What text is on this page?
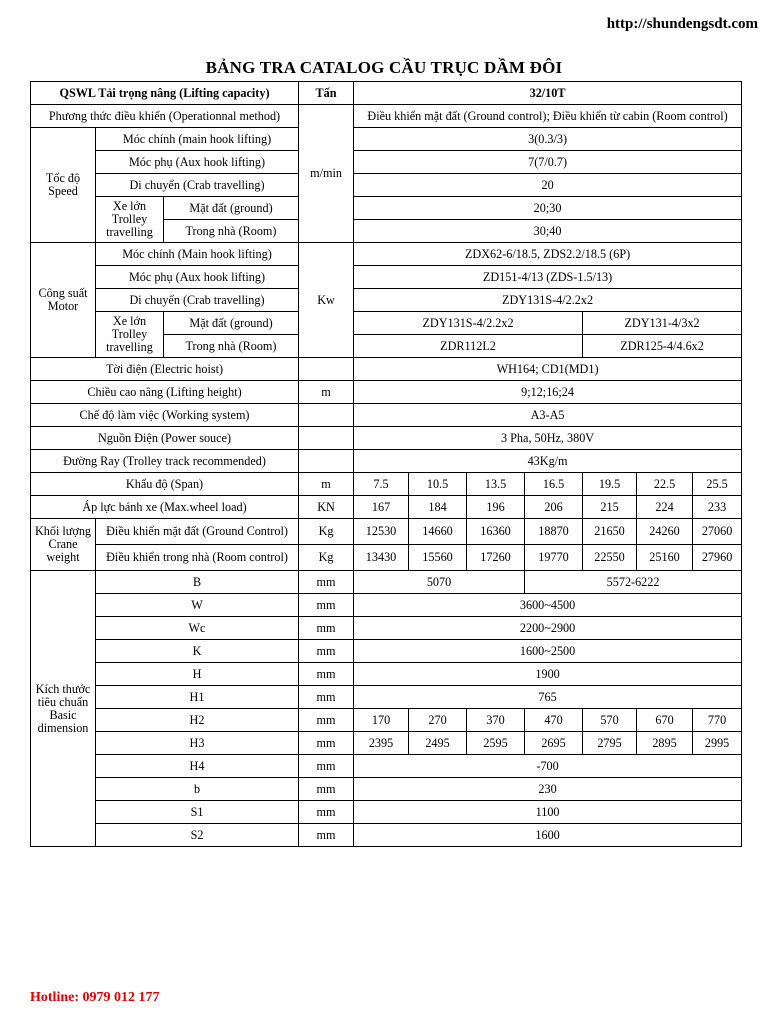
http://shundengsdt.com
BẢNG TRA CATALOG CẦU TRỤC DẦM ĐÔI
QSWL Tải trọng nâng (Lifting capacity)			Tấn	32/10T						
Phương thức điều khiển (Operationnal method)			m/min	Điều khiển mặt đất (Ground control); Điều khiển từ cabin (Room control)						
Tốc độ Speed	Móc chính (main hook lifting)			3(0.3/3)						
	Móc phụ (Aux hook lifting)			7(7/0.7)						
	Di chuyển (Crab travelling)			20						
	Xe lớn Trolley travelling	Mặt đất (ground)		20;30						
		Trong nhà (Room)		30;40						
Công suất Motor	Móc chính (Main hook lifting)		Kw	ZDX62-6/18.5, ZDS2.2/18.5 (6P)						
	Móc phụ (Aux hook lifting)			ZD151-4/13 (ZDS-1.5/13)						
	Di chuyển (Crab travelling)			ZDY131S-4/2.2x2						
	Xe lớn Trolley travelling	Mặt đất (ground)		ZDY131S-4/2.2x2				ZDY131-4/3x2		
		Trong nhà (Room)		ZDR112L2				ZDR125-4/4.6x2		
Tời điện (Electric hoist)				WH164; CD1(MD1)						
Chiều cao nâng (Lifting height)			m	9;12;16;24						
Chế độ làm việc (Working system)				A3-A5						
Nguồn Điện (Power souce)				3 Pha, 50Hz, 380V						
Đường Ray (Trolley track recommended)				43Kg/m						
Khẩu độ (Span)			m	7.5	10.5	13.5	16.5	19.5	22.5	25.5
Áp lực bánh xe (Max.wheel load)			KN	167	184	196	206	215	224	233
Khối lượng Crane weight	Điều khiển mặt đất (Ground Control)		Kg	12530	14660	16360	18870	21650	24260	27060
	Điều khiển trong nhà (Room control)		Kg	13430	15560	17260	19770	22550	25160	27960
Kích thước tiêu chuẩn Basic dimension	B		mm	5070			5572-6222			
	W		mm	3600~4500						
	Wc		mm	2200~2900						
	K		mm	1600~2500						
	H		mm	1900						
	H1		mm	765						
	H2		mm	170	270	370	470	570	670	770
	H3		mm	2395	2495	2595	2695	2795	2895	2995
	H4		mm	-700						
	b		mm	230						
	S1		mm	1100						
	S2		mm	1600						
Hotline: 0979 012 177
